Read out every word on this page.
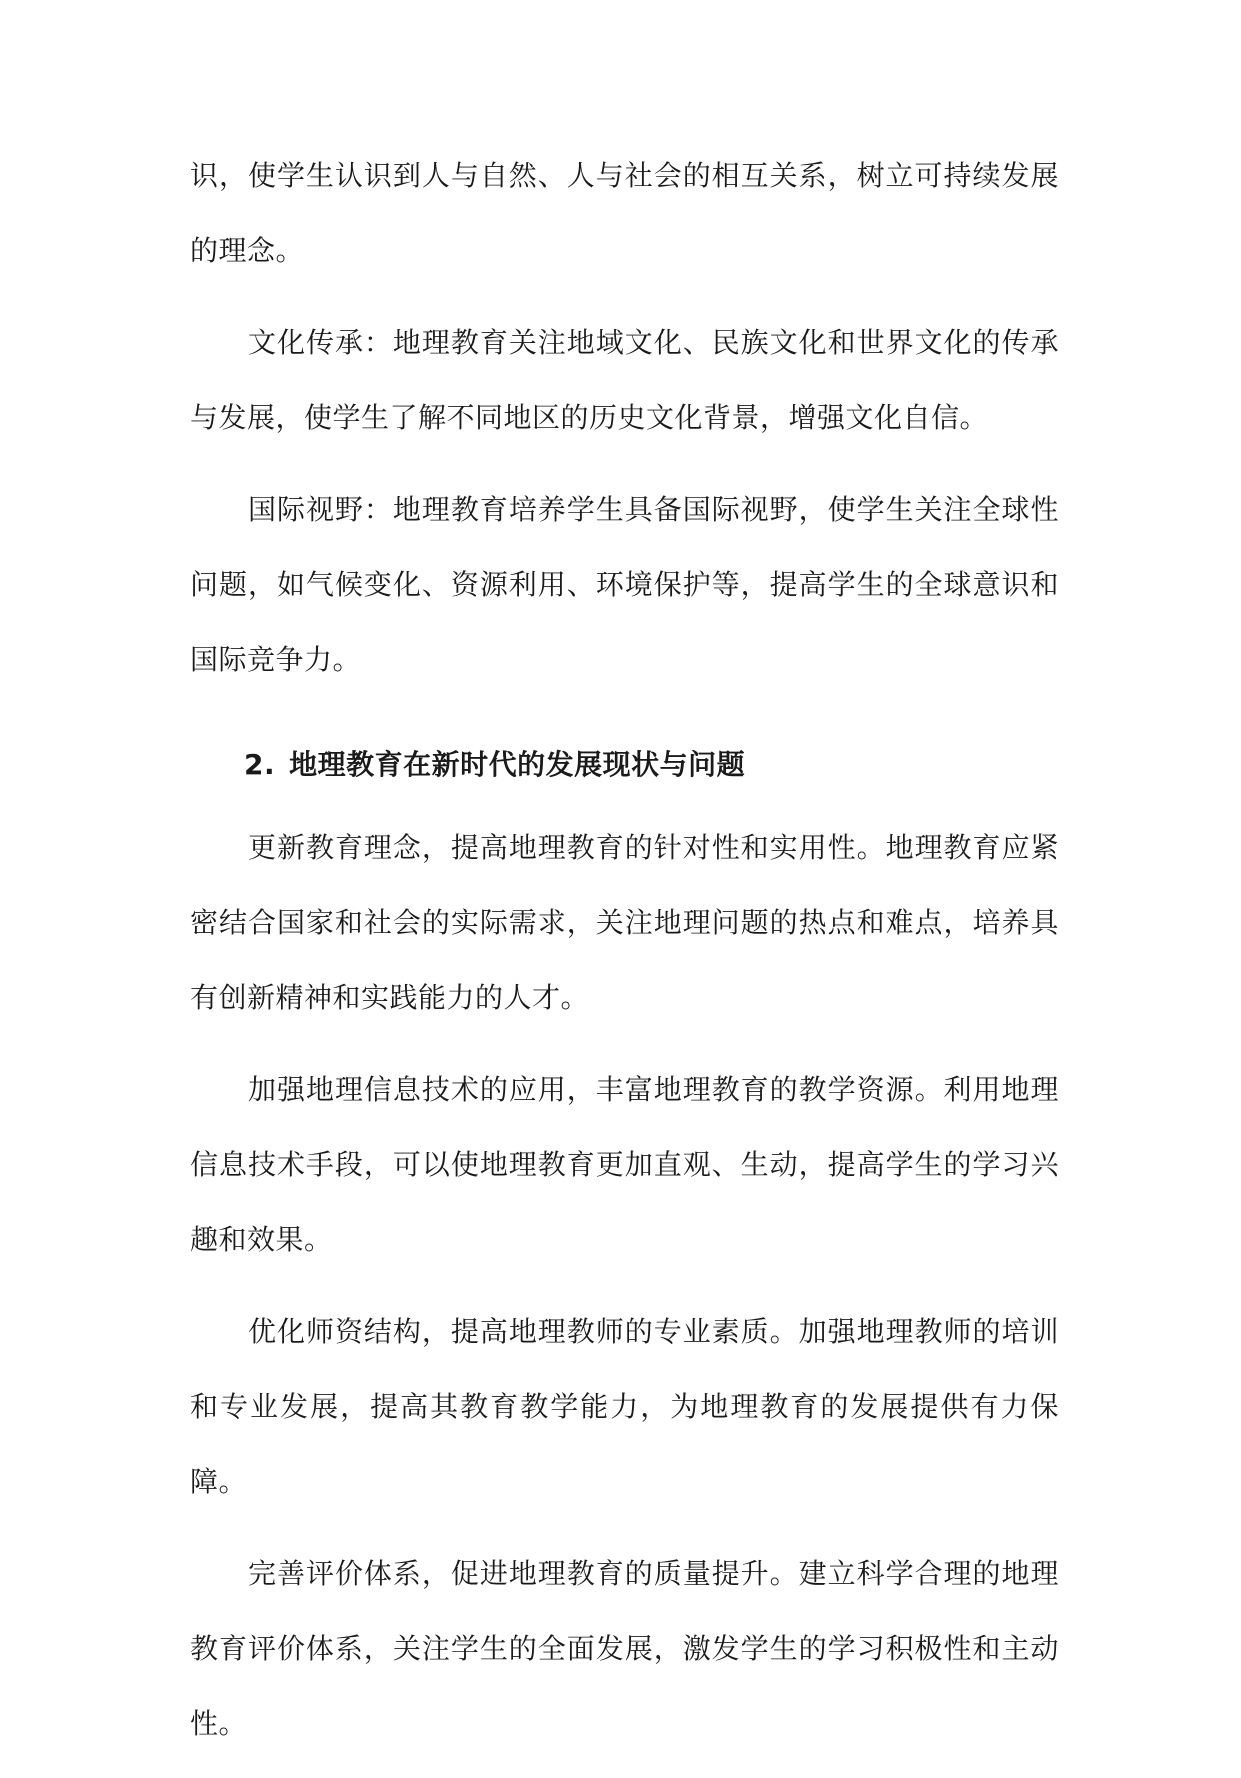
识，使学生认识到人与自然、人与社会的相互关系，树立可持续发展的理念。

文化传承：地理教育关注地域文化、民族文化和世界文化的传承与发展，使学生了解不同地区的历史文化背景，增强文化自信。

国际视野：地理教育培养学生具备国际视野，使学生关注全球性问题，如气候变化、资源利用、环境保护等，提高学生的全球意识和国际竞争力。

2. 地理教育在新时代的发展现状与问题

更新教育理念，提高地理教育的针对性和实用性。地理教育应紧密结合国家和社会的实际需求，关注地理问题的热点和难点，培养具有创新精神和实践能力的人才。

加强地理信息技术的应用，丰富地理教育的教学资源。利用地理信息技术手段，可以使地理教育更加直观、生动，提高学生的学习兴趣和效果。

优化师资结构，提高地理教师的专业素质。加强地理教师的培训和专业发展，提高其教育教学能力，为地理教育的发展提供有力保障。

完善评价体系，促进地理教育的质量提升。建立科学合理的地理教育评价体系，关注学生的全面发展，激发学生的学习积极性和主动性。
